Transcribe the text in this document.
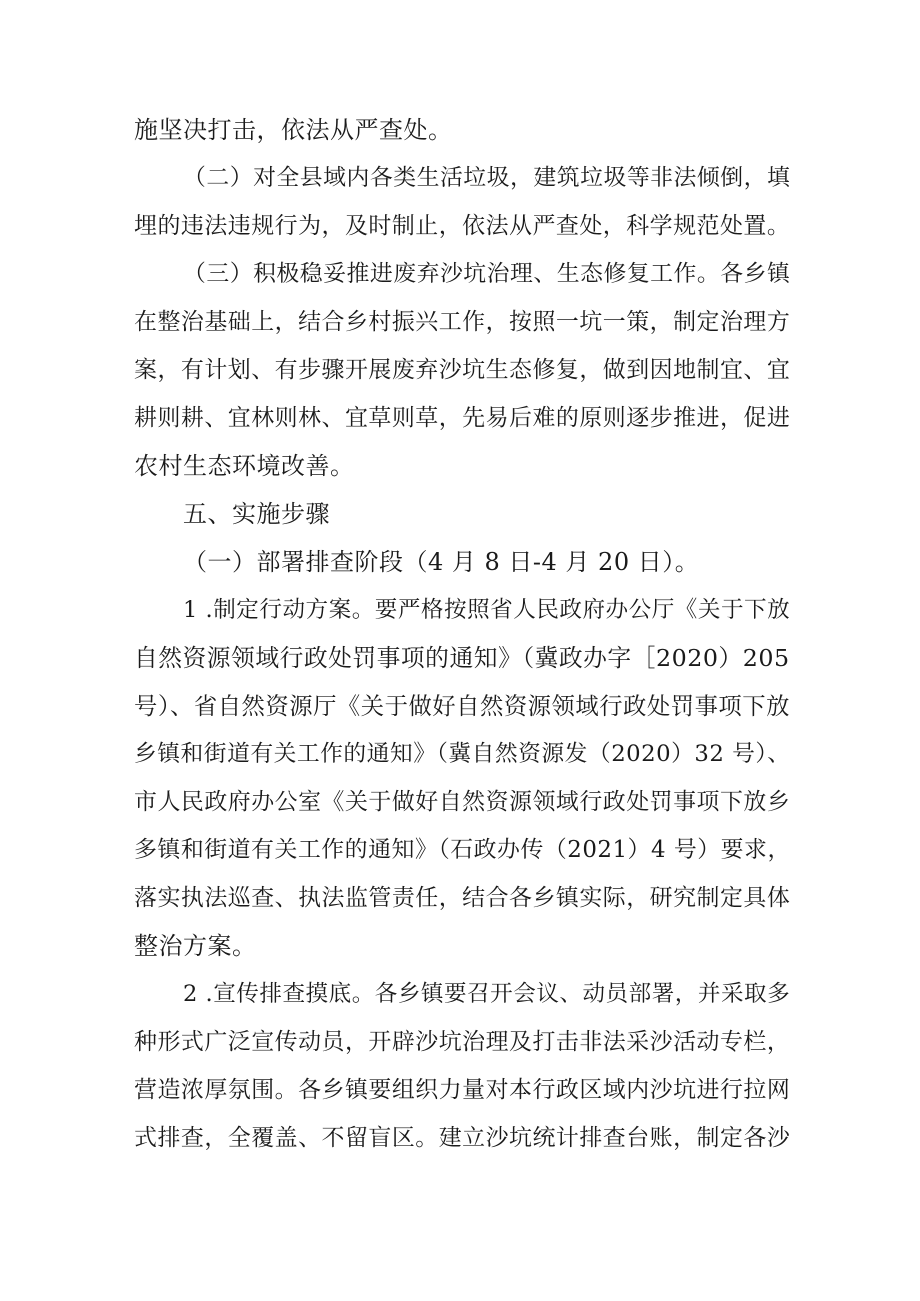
施坚决打击，依法从严查处。
（二）对全县域内各类生活垃圾，建筑垃圾等非法倾倒，填
埋的违法违规行为，及时制止，依法从严查处，科学规范处置。
（三）积极稳妥推进废弃沙坑治理、生态修复工作。各乡镇
在整治基础上，结合乡村振兴工作，按照一坑一策，制定治理方
案，有计划、有步骤开展废弃沙坑生态修复，做到因地制宜、宜
耕则耕、宜林则林、宜草则草，先易后难的原则逐步推进，促进
农村生态环境改善。
五、实施步骤
（一）部署排查阶段（4 月 8 日-4 月 20 日）。
1 .制定行动方案。要严格按照省人民政府办公厅《关于下放
自然资源领域行政处罚事项的通知》（冀政办字［2020）205
号）、省自然资源厅《关于做好自然资源领域行政处罚事项下放
乡镇和街道有关工作的通知》（冀自然资源发（2020）32 号）、
市人民政府办公室《关于做好自然资源领域行政处罚事项下放乡
多镇和街道有关工作的通知》（石政办传（2021）4 号）要求，
落实执法巡查、执法监管责任，结合各乡镇实际，研究制定具体
整治方案。
2 .宣传排查摸底。各乡镇要召开会议、动员部署，并采取多
种形式广泛宣传动员，开辟沙坑治理及打击非法采沙活动专栏，
营造浓厚氛围。各乡镇要组织力量对本行政区域内沙坑进行拉网
式排查，全覆盖、不留盲区。建立沙坑统计排查台账，制定各沙
